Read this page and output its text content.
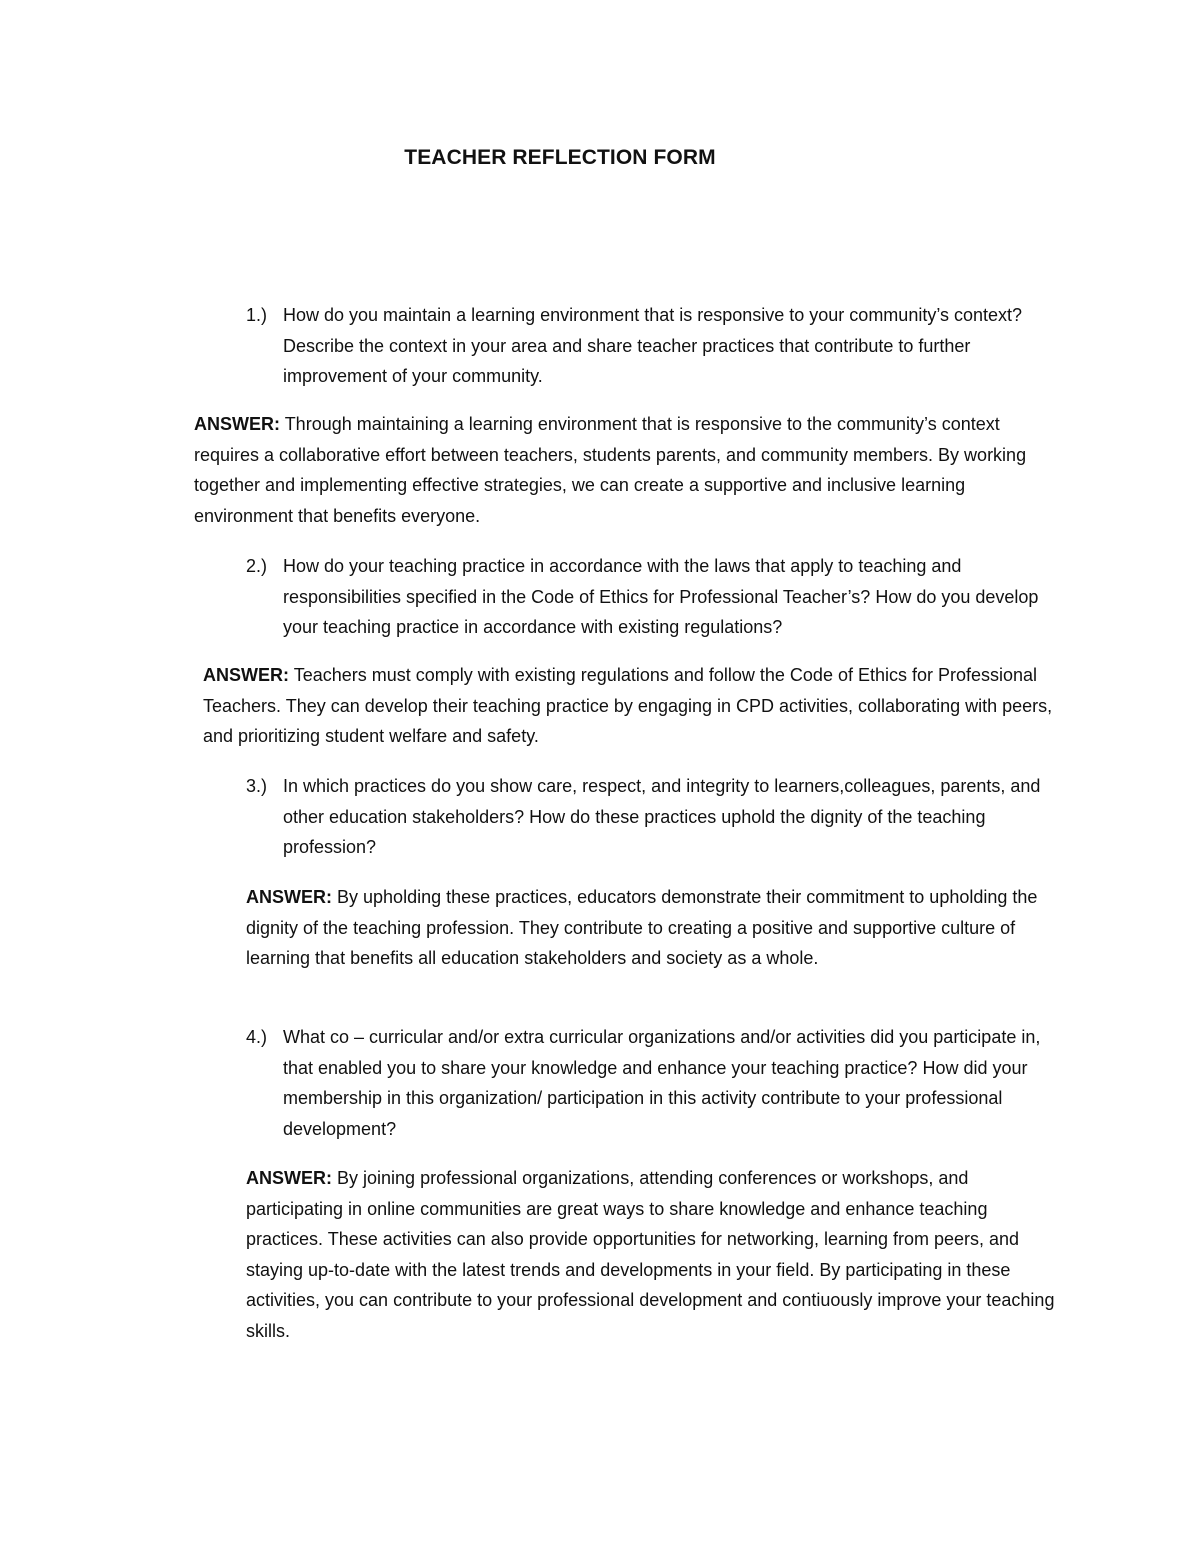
TEACHER REFLECTION FORM
1.) How do you maintain a learning environment that is responsive to your community’s context? Describe the context in your area and share teacher practices that contribute to further improvement of your community.
ANSWER: Through maintaining a learning environment that is responsive to the community’s context requires a collaborative effort between teachers, students parents, and community members. By working together and implementing effective strategies, we can create a supportive and inclusive learning environment that benefits everyone.
2.) How do your teaching practice in accordance with the laws that apply to teaching and responsibilities specified in the Code of Ethics for Professional Teacher’s? How do you develop your teaching practice in accordance with existing regulations?
ANSWER: Teachers must comply with existing regulations and follow the Code of Ethics for Professional Teachers. They can develop their teaching practice by engaging in CPD activities, collaborating with peers, and prioritizing student welfare and safety.
3.) In which practices do you show care, respect, and integrity to learners,colleagues, parents, and other education stakeholders? How do these practices uphold the dignity of the teaching profession?
ANSWER: By upholding these practices, educators demonstrate their commitment to upholding the dignity of the teaching profession. They contribute to creating a positive and supportive culture of learning that benefits all education stakeholders and society as a whole.
4.) What co – curricular and/or extra curricular organizations and/or activities did you participate in, that enabled you to share your knowledge and enhance your teaching practice? How did your membership in this organization/ participation in this activity contribute to your professional development?
ANSWER: By joining professional organizations, attending conferences or workshops, and participating in online communities are great ways to share knowledge and enhance teaching practices. These activities can also provide opportunities for networking, learning from peers, and staying up-to-date with the latest trends and developments in your field. By participating in these activities, you can contribute to your professional development and contiuously improve your teaching skills.
